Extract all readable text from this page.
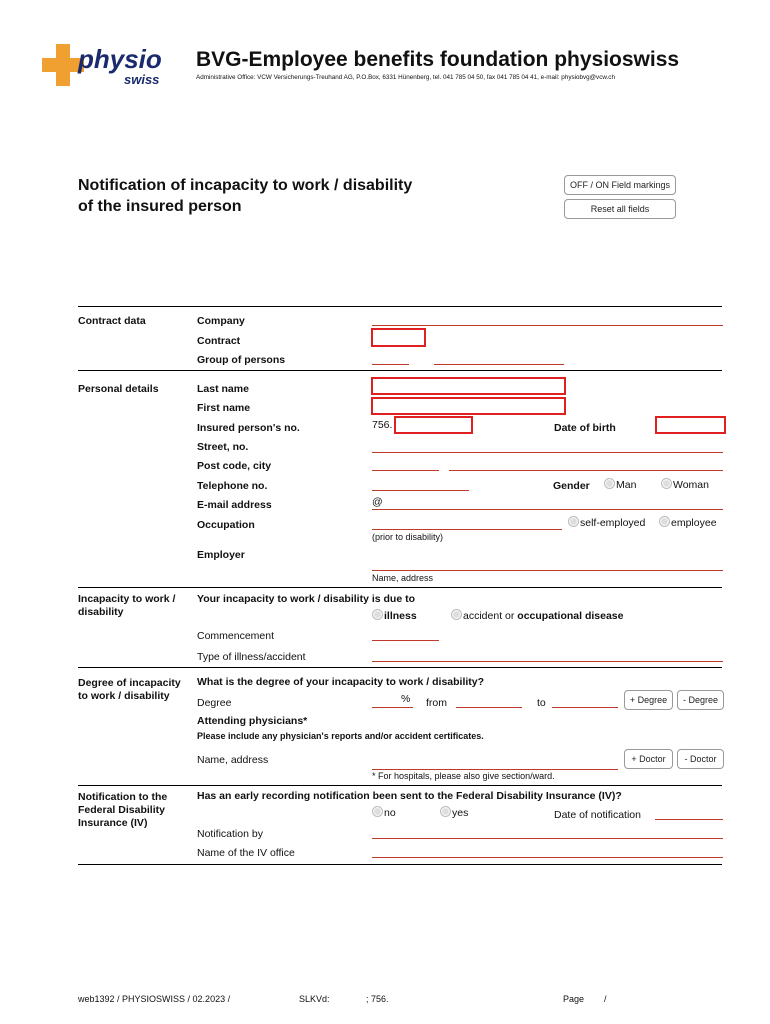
physio
swiss
BVG-Employee benefits foundation physioswiss
Administrative Office: VCW Versicherungs-Treuhand AG, P.O.Box, 6331 Hünenberg, tel. 041 785 04 50, fax 041 785 04 41, e-mail: physiobvg@vcw.ch
Notification of incapacity to work / disability
of the insured person
OFF / ON Field markings
Reset all fields
Contract data	Company
Contract
Group of persons
Personal details	Last name
First name
Insured person's no.	756.	Date of birth
Street, no.
Post code, city
Telephone no.	Gender	Man	Woman
E-mail address	@
Occupation	self-employed	employee
(prior to disability)
Employer
Name, address
Incapacity to work /
disability
Your incapacity to work / disability is due to
illness	accident or occupational disease
Commencement
Type of illness/accident
Degree of incapacity
to work / disability
What is the degree of your incapacity to work / disability?
Degree	% from	to	+ Degree	- Degree
Attending physicians*
Please include any physician's reports and/or accident certificates.
Name, address	+ Doctor	- Doctor
* For hospitals, please also give section/ward.
Notification to the
Federal Disability
Insurance (IV)
Has an early recording notification been sent to the Federal Disability Insurance (IV)?
no	yes	Date of notification
Notification by
Name of the IV office
web1392 / PHYSIOSWISS / 02.2023 /	SLKVd:	; 756.	Page /
